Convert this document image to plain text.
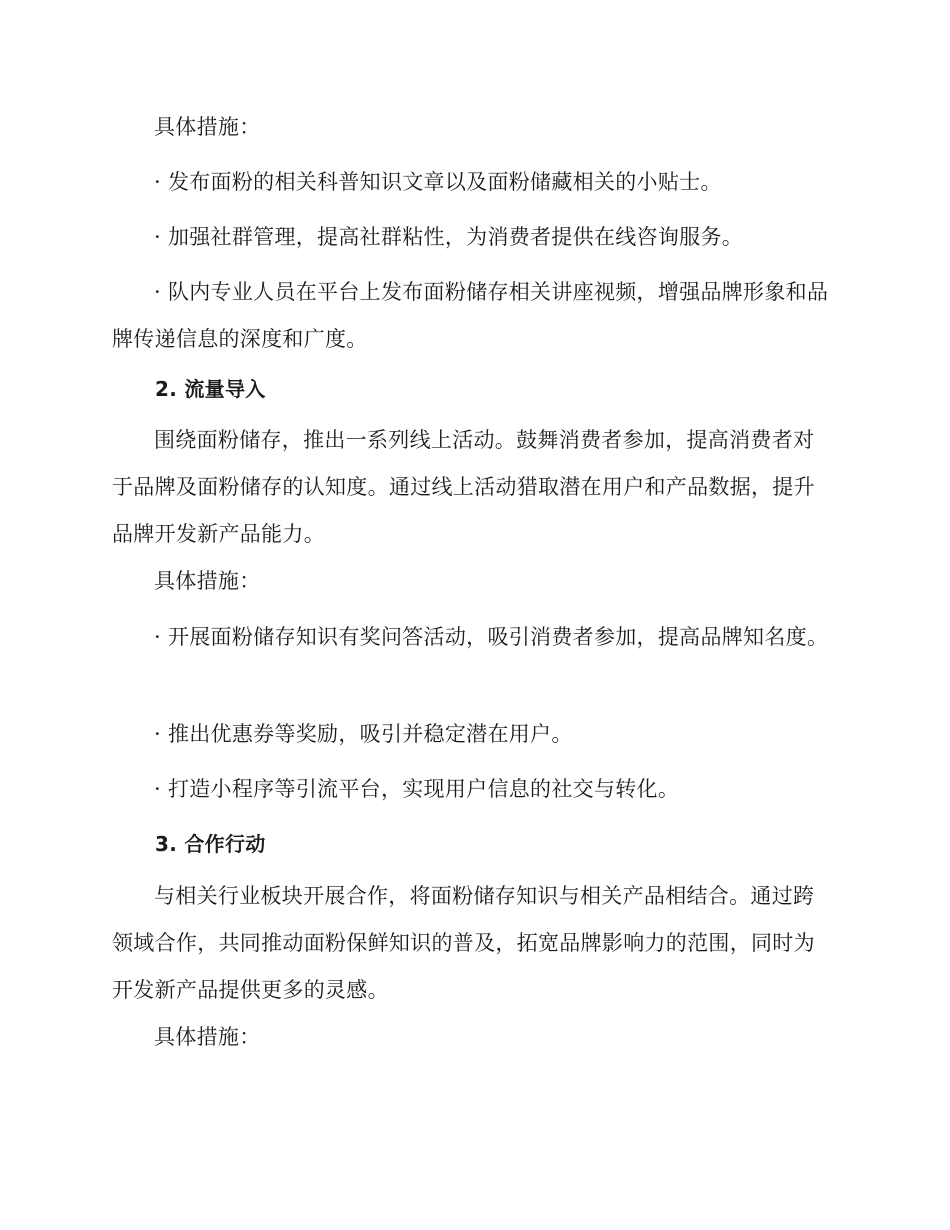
具体措施：

· 发布面粉的相关科普知识文章以及面粉储藏相关的小贴士。

· 加强社群管理，提高社群粘性，为消费者提供在线咨询服务。

· 队内专业人员在平台上发布面粉储存相关讲座视频，增强品牌形象和品牌传递信息的深度和广度。

2. 流量导入

围绕面粉储存，推出一系列线上活动。鼓舞消费者参加，提高消费者对于品牌及面粉储存的认知度。通过线上活动猎取潜在用户和产品数据，提升品牌开发新产品能力。

具体措施：

· 开展面粉储存知识有奖问答活动，吸引消费者参加，提高品牌知名度。

· 推出优惠券等奖励，吸引并稳定潜在用户。

· 打造小程序等引流平台，实现用户信息的社交与转化。

3. 合作行动

与相关行业板块开展合作，将面粉储存知识与相关产品相结合。通过跨领域合作，共同推动面粉保鲜知识的普及，拓宽品牌影响力的范围，同时为开发新产品提供更多的灵感。

具体措施：
